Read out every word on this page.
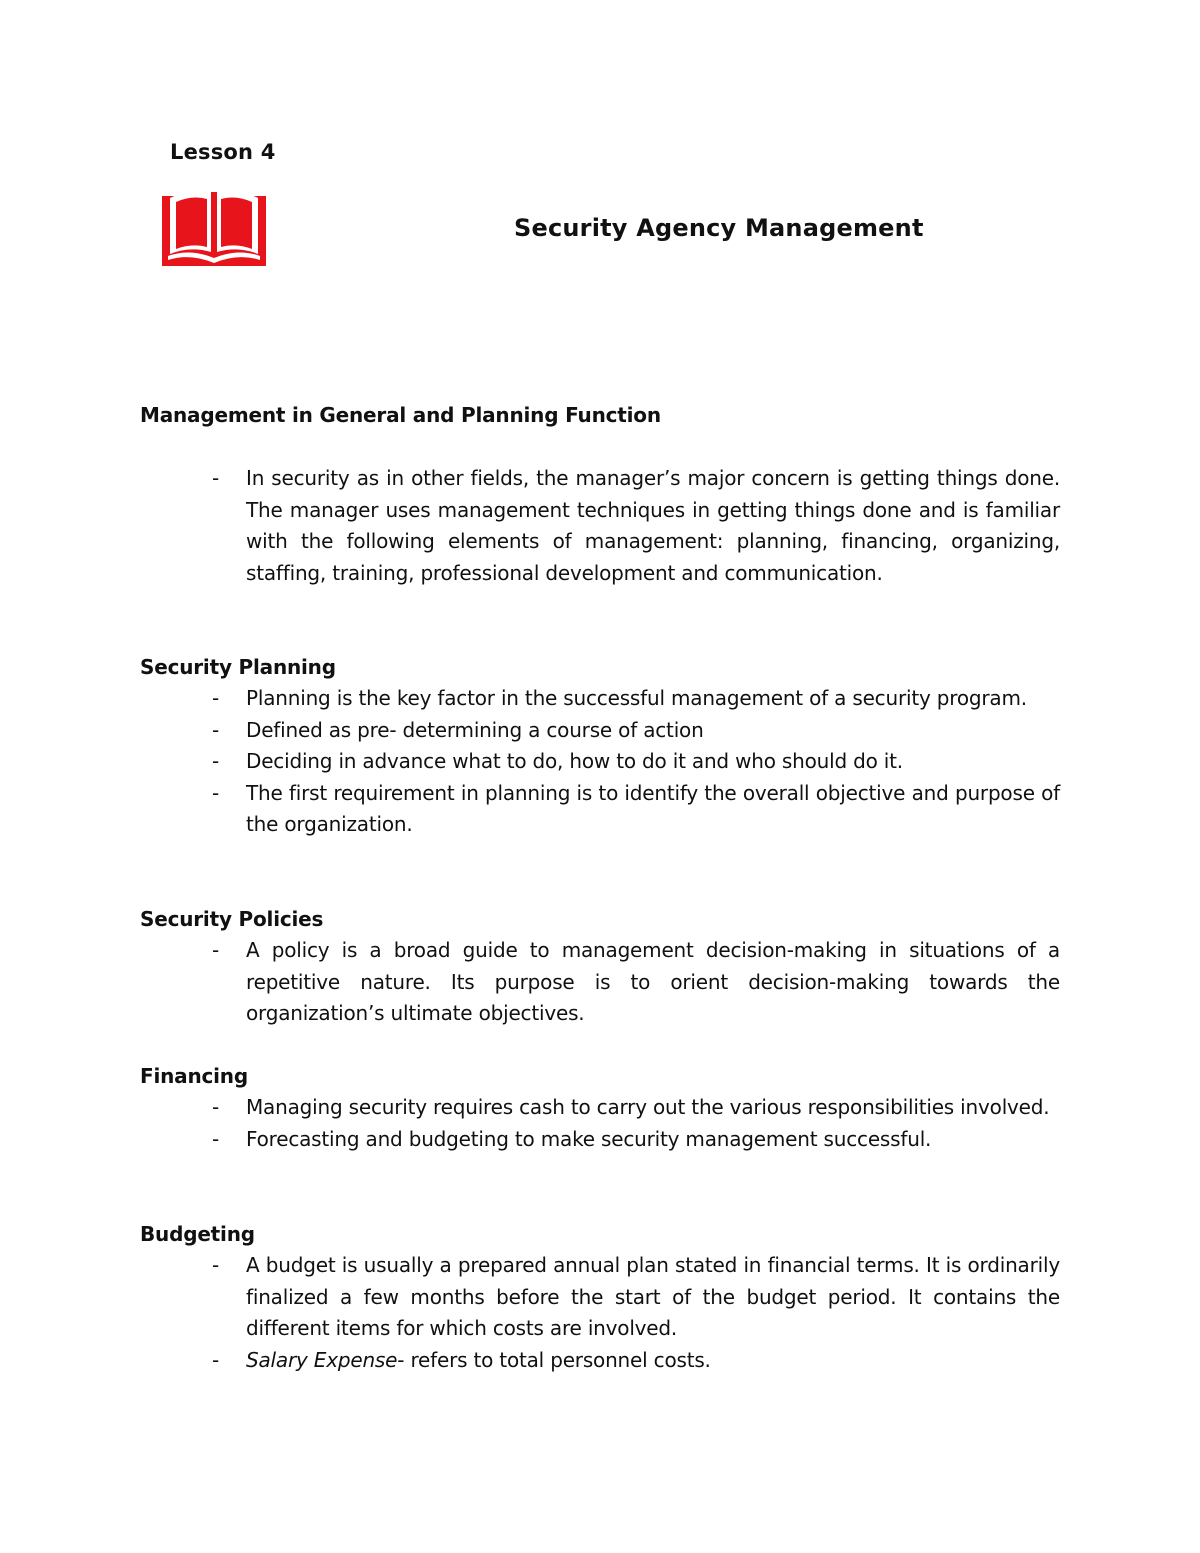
Lesson 4
Security Agency Management
Management in General and Planning Function
- In security as in other fields, the manager’s major concern is getting things done. The manager uses management techniques in getting things done and is familiar with the following elements of management: planning, financing, organizing, staffing, training, professional development and communication.
Security Planning
- Planning is the key factor in the successful management of a security program.
- Defined as pre- determining a course of action
- Deciding in advance what to do, how to do it and who should do it.
- The first requirement in planning is to identify the overall objective and purpose of the organization.
Security Policies
- A policy is a broad guide to management decision-making in situations of a repetitive nature. Its purpose is to orient decision-making towards the organization’s ultimate objectives.
Financing
- Managing security requires cash to carry out the various responsibilities involved.
- Forecasting and budgeting to make security management successful.
Budgeting
- A budget is usually a prepared annual plan stated in financial terms. It is ordinarily finalized a few months before the start of the budget period. It contains the different items for which costs are involved.
- Salary Expense- refers to total personnel costs.
